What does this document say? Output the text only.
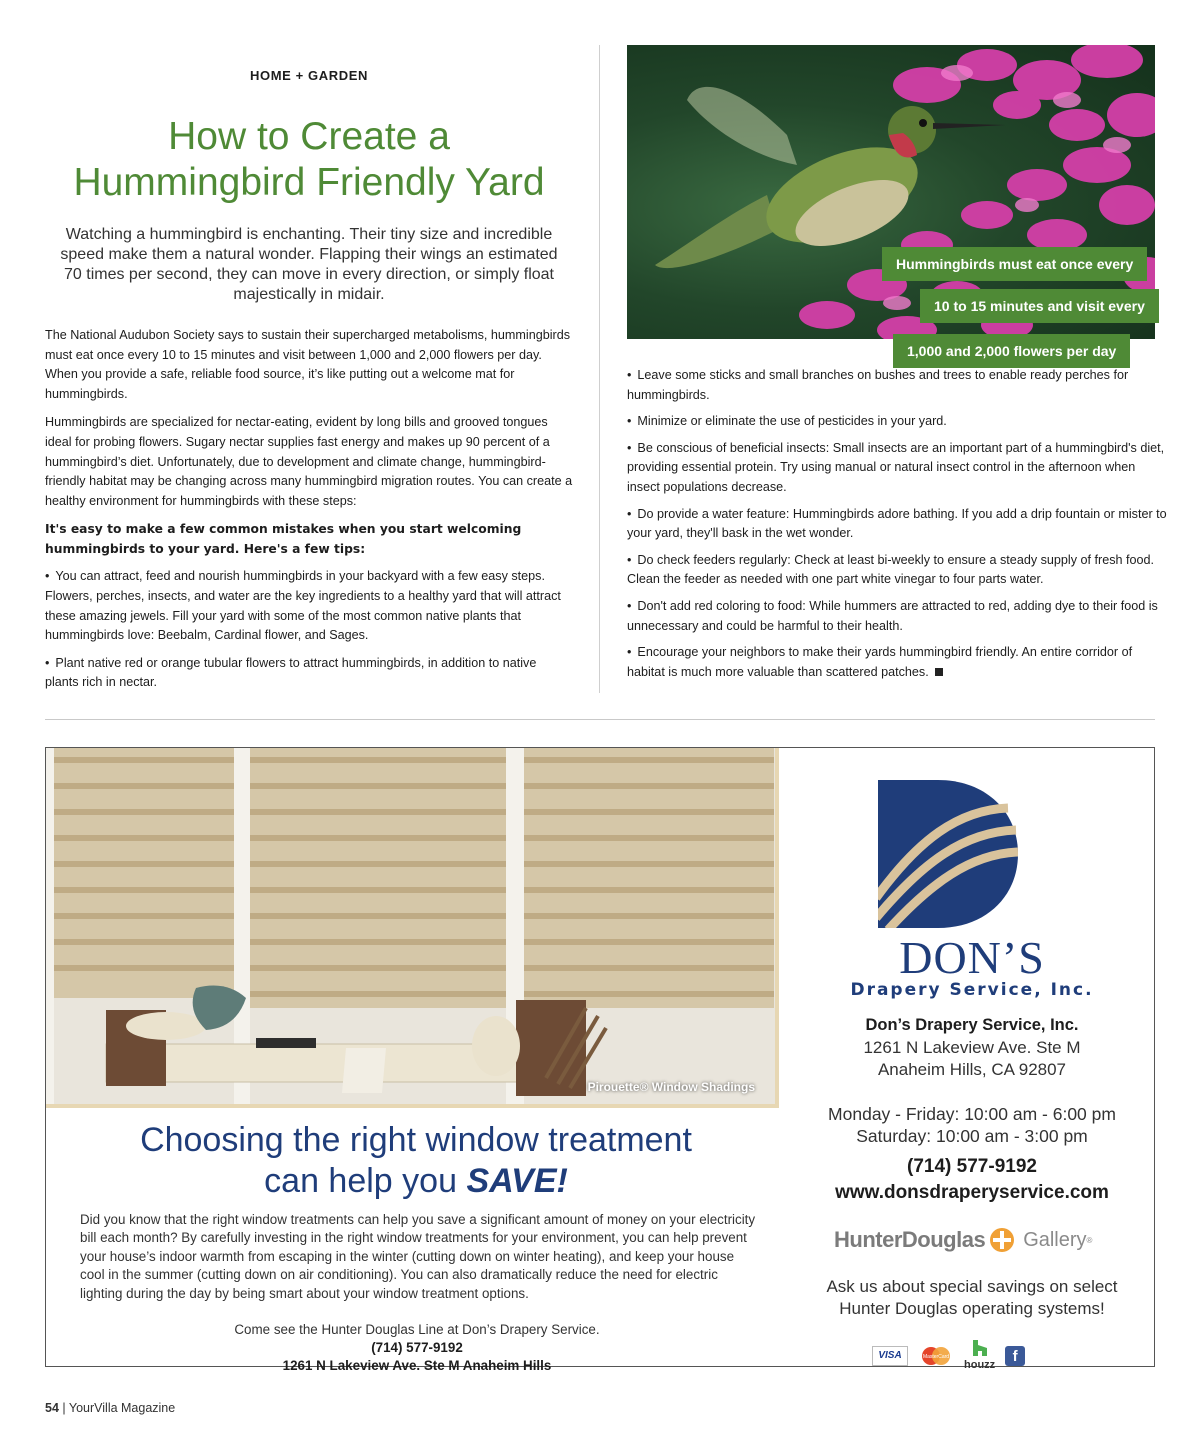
HOME + GARDEN
How to Create a
Hummingbird Friendly Yard

Watching a hummingbird is enchanting. Their tiny size and incredible speed make them a natural wonder. Flapping their wings an estimated 70 times per second, they can move in every direction, or simply float majestically in midair.

The National Audubon Society says to sustain their supercharged metabolisms, hummingbirds must eat once every 10 to 15 minutes and visit between 1,000 and 2,000 flowers per day. When you provide a safe, reliable food source, it’s like putting out a welcome mat for hummingbirds.

Hummingbirds are specialized for nectar-eating, evident by long bills and grooved tongues ideal for probing flowers. Sugary nectar supplies fast energy and makes up 90 percent of a hummingbird’s diet. Unfortunately, due to development and climate change, hummingbird-friendly habitat may be changing across many hummingbird migration routes. You can create a healthy environment for hummingbirds with these steps:

It's easy to make a few common mistakes when you start welcoming hummingbirds to your yard. Here's a few tips:

• You can attract, feed and nourish hummingbirds in your backyard with a few easy steps. Flowers, perches, insects, and water are the key ingredients to a healthy yard that will attract these amazing jewels. Fill your yard with some of the most common native plants that hummingbirds love: Beebalm, Cardinal flower, and Sages.

• Plant native red or orange tubular flowers to attract hummingbirds, in addition to native plants rich in nectar.

Hummingbirds must eat once every
10 to 15 minutes and visit every
1,000 and 2,000 flowers per day

• Leave some sticks and small branches on bushes and trees to enable ready perches for hummingbirds.

• Minimize or eliminate the use of pesticides in your yard.

• Be conscious of beneficial insects: Small insects are an important part of a hummingbird's diet, providing essential protein. Try using manual or natural insect control in the afternoon when insect populations decrease.

• Do provide a water feature: Hummingbirds adore bathing. If you add a drip fountain or mister to your yard, they'll bask in the wet wonder.

• Do check feeders regularly: Check at least bi-weekly to ensure a steady supply of fresh food. Clean the feeder as needed with one part white vinegar to four parts water.

• Don't add red coloring to food: While hummers are attracted to red, adding dye to their food is unnecessary and could be harmful to their health.

• Encourage your neighbors to make their yards hummingbird friendly. An entire corridor of habitat is much more valuable than scattered patches.

Pirouette® Window Shadings
Choosing the right window treatment
can help you SAVE!

Did you know that the right window treatments can help you save a significant amount of money on your electricity bill each month? By carefully investing in the right window treatments for your environment, you can help prevent your house’s indoor warmth from escaping in the winter (cutting down on winter heating), and keep your house cool in the summer (cutting down on air conditioning). You can also dramatically reduce the need for electric lighting during the day by being smart about your window treatment options.

Come see the Hunter Douglas Line at Don’s Drapery Service.

(714) 577-9192

1261 N Lakeview Ave. Ste M Anaheim Hills

DON’S
Drapery Service, Inc.
Don’s Drapery Service, Inc.
1261 N Lakeview Ave. Ste M
Anaheim Hills, CA 92807
Monday - Friday: 10:00 am - 6:00 pm
Saturday: 10:00 am - 3:00 pm
(714) 577-9192
www.donsdraperyservice.com
HunterDouglas Gallery ®
Ask us about special savings on select
Hunter Douglas operating systems!
VISA	MasterCard

houzz
f
54 | YourVilla Magazine
